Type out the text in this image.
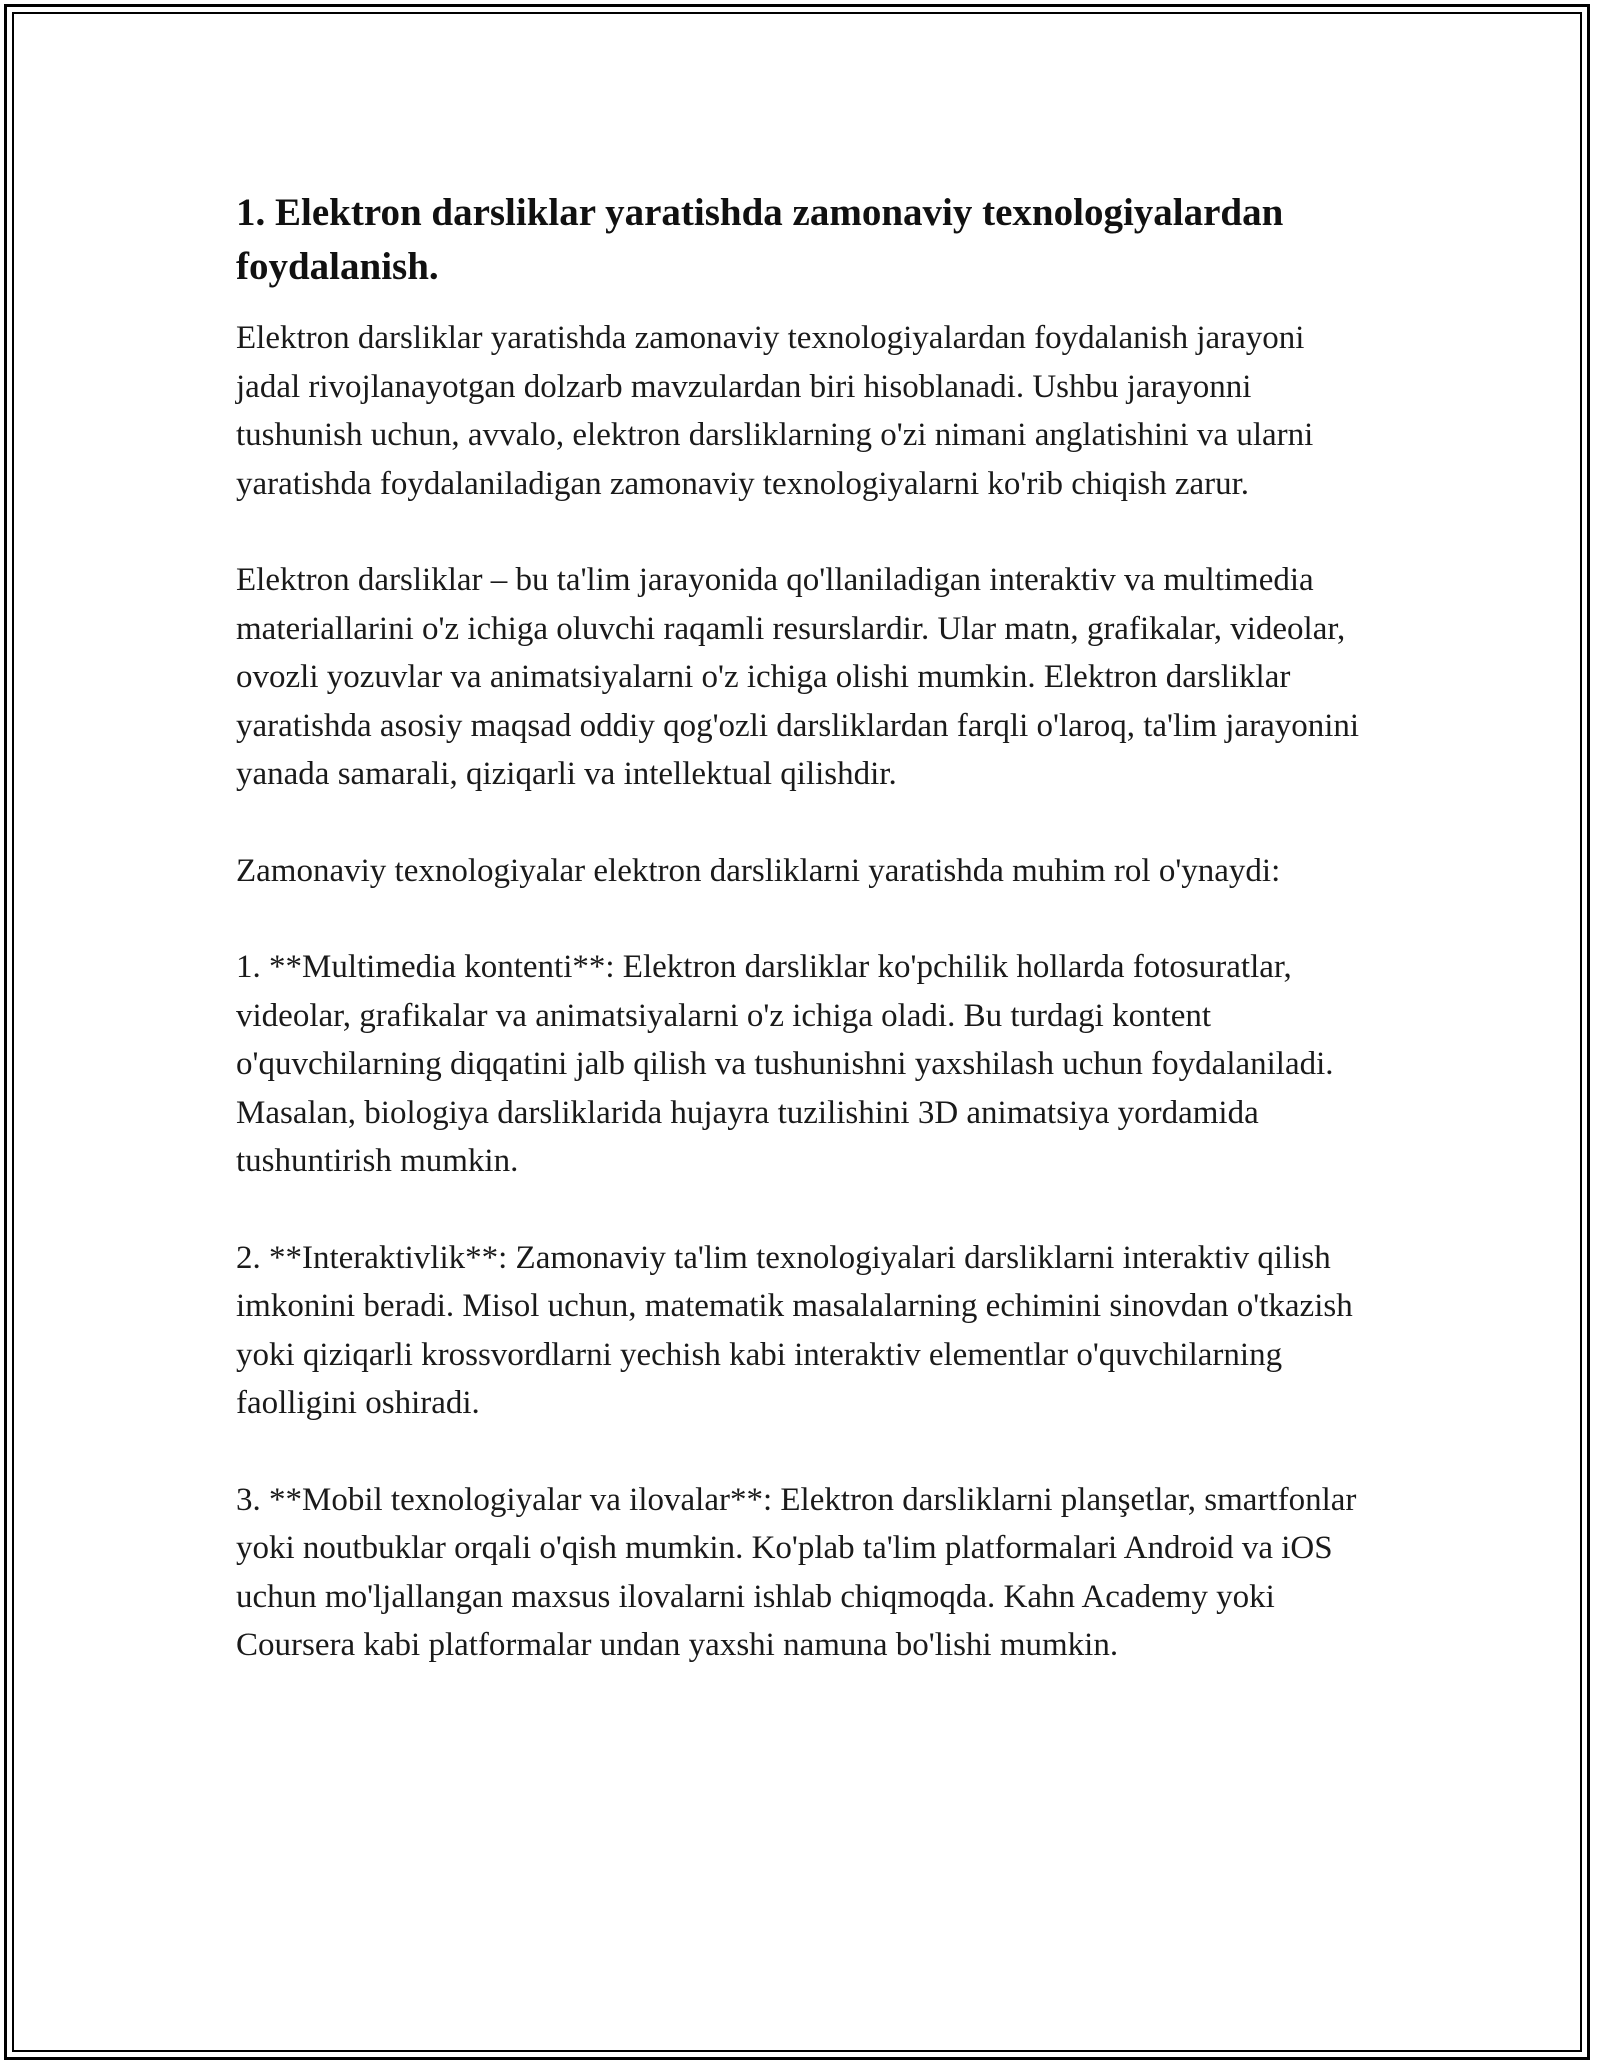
1. Elektron darsliklar yaratishda zamonaviy texnologiyalardan foydalanish.

Elektron darsliklar yaratishda zamonaviy texnologiyalardan foydalanish jarayoni jadal rivojlanayotgan dolzarb mavzulardan biri hisoblanadi. Ushbu jarayonni tushunish uchun, avvalo, elektron darsliklarning o'zi nimani anglatishini va ularni yaratishda foydalaniladigan zamonaviy texnologiyalarni ko'rib chiqish zarur.

Elektron darsliklar – bu ta'lim jarayonida qo'llaniladigan interaktiv va multimedia materiallarini o'z ichiga oluvchi raqamli resurslardir. Ular matn, grafikalar, videolar, ovozli yozuvlar va animatsiyalarni o'z ichiga olishi mumkin. Elektron darsliklar yaratishda asosiy maqsad oddiy qog'ozli darsliklardan farqli o'laroq, ta'lim jarayonini yanada samarali, qiziqarli va intellektual qilishdir.

Zamonaviy texnologiyalar elektron darsliklarni yaratishda muhim rol o'ynaydi:

1. **Multimedia kontenti**: Elektron darsliklar ko'pchilik hollarda fotosuratlar, videolar, grafikalar va animatsiyalarni o'z ichiga oladi. Bu turdagi kontent o'quvchilarning diqqatini jalb qilish va tushunishni yaxshilash uchun foydalaniladi. Masalan, biologiya darsliklarida hujayra tuzilishini 3D animatsiya yordamida tushuntirish mumkin.

2. **Interaktivlik**: Zamonaviy ta'lim texnologiyalari darsliklarni interaktiv qilish imkonini beradi. Misol uchun, matematik masalalarning echimini sinovdan o'tkazish yoki qiziqarli krossvordlarni yechish kabi interaktiv elementlar o'quvchilarning faolligini oshiradi.

3. **Mobil texnologiyalar va ilovalar**: Elektron darsliklarni planşetlar, smartfonlar yoki noutbuklar orqali o'qish mumkin. Ko'plab ta'lim platformalari Android va iOS uchun mo'ljallangan maxsus ilovalarni ishlab chiqmoqda. Kahn Academy yoki Coursera kabi platformalar undan yaxshi namuna bo'lishi mumkin.
